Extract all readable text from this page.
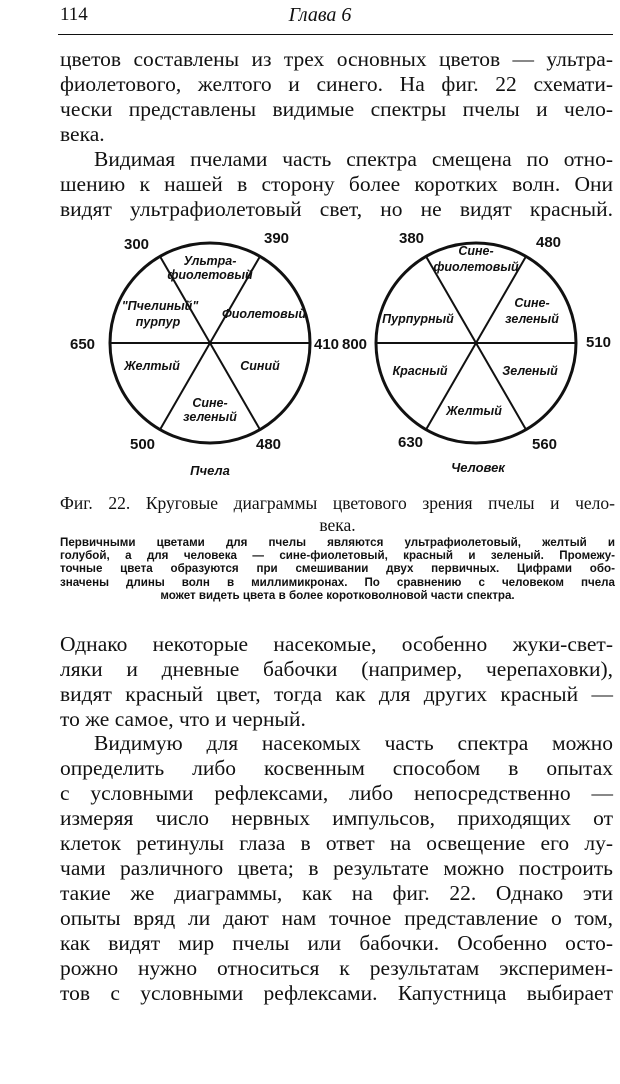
114	Глава 6

цветов составлены из трех основных цветов — ультра-
фиолетового, желтого и синего. На фиг. 22 схемати-
чески представлены видимые спектры пчелы и чело-
века.

Видимая пчелами часть спектра смещена по отно-
шению к нашей в сторону более коротких волн. Они
видят ультрафиолетовый свет, но не видят красный.

300	390
410
480
500
650
Ультра-
фиолетовый
Фиолетовый
Синий
Сине-
зеленый
Желтый
"Пчелиный"
пурпур
Пчела
380	480
510
560
630
800
Сине-
фиолетовый
Сине-
зеленый
Зеленый
Желтый
Красный
Пурпурный
Человек
Фиг. 22. Круговые диаграммы цветового зрения пчелы и чело-
века.
Первичными цветами для пчелы являются ультрафиолетовый, желтый и
голубой, а для человека — сине-фиолетовый, красный и зеленый. Промежу-
точные цвета образуются при смешивании двух первичных. Цифрами обо-
значены длины волн в миллимикронах. По сравнению с человеком пчела
может видеть цвета в более коротковолновой части спектра.

Однако некоторые насекомые, особенно жуки-свет-
ляки и дневные бабочки (например, черепаховки),
видят красный цвет, тогда как для других красный —
то же самое, что и черный.

Видимую для насекомых часть спектра можно
определить либо косвенным способом в опытах
с условными рефлексами, либо непосредственно —
измеряя число нервных импульсов, приходящих от
клеток ретинулы глаза в ответ на освещение его лу-
чами различного цвета; в результате можно построить
такие же диаграммы, как на фиг. 22. Однако эти
опыты вряд ли дают нам точное представление о том,
как видят мир пчелы или бабочки. Особенно осто-
рожно нужно относиться к результатам эксперимен-
тов с условными рефлексами. Капустница выбирает
